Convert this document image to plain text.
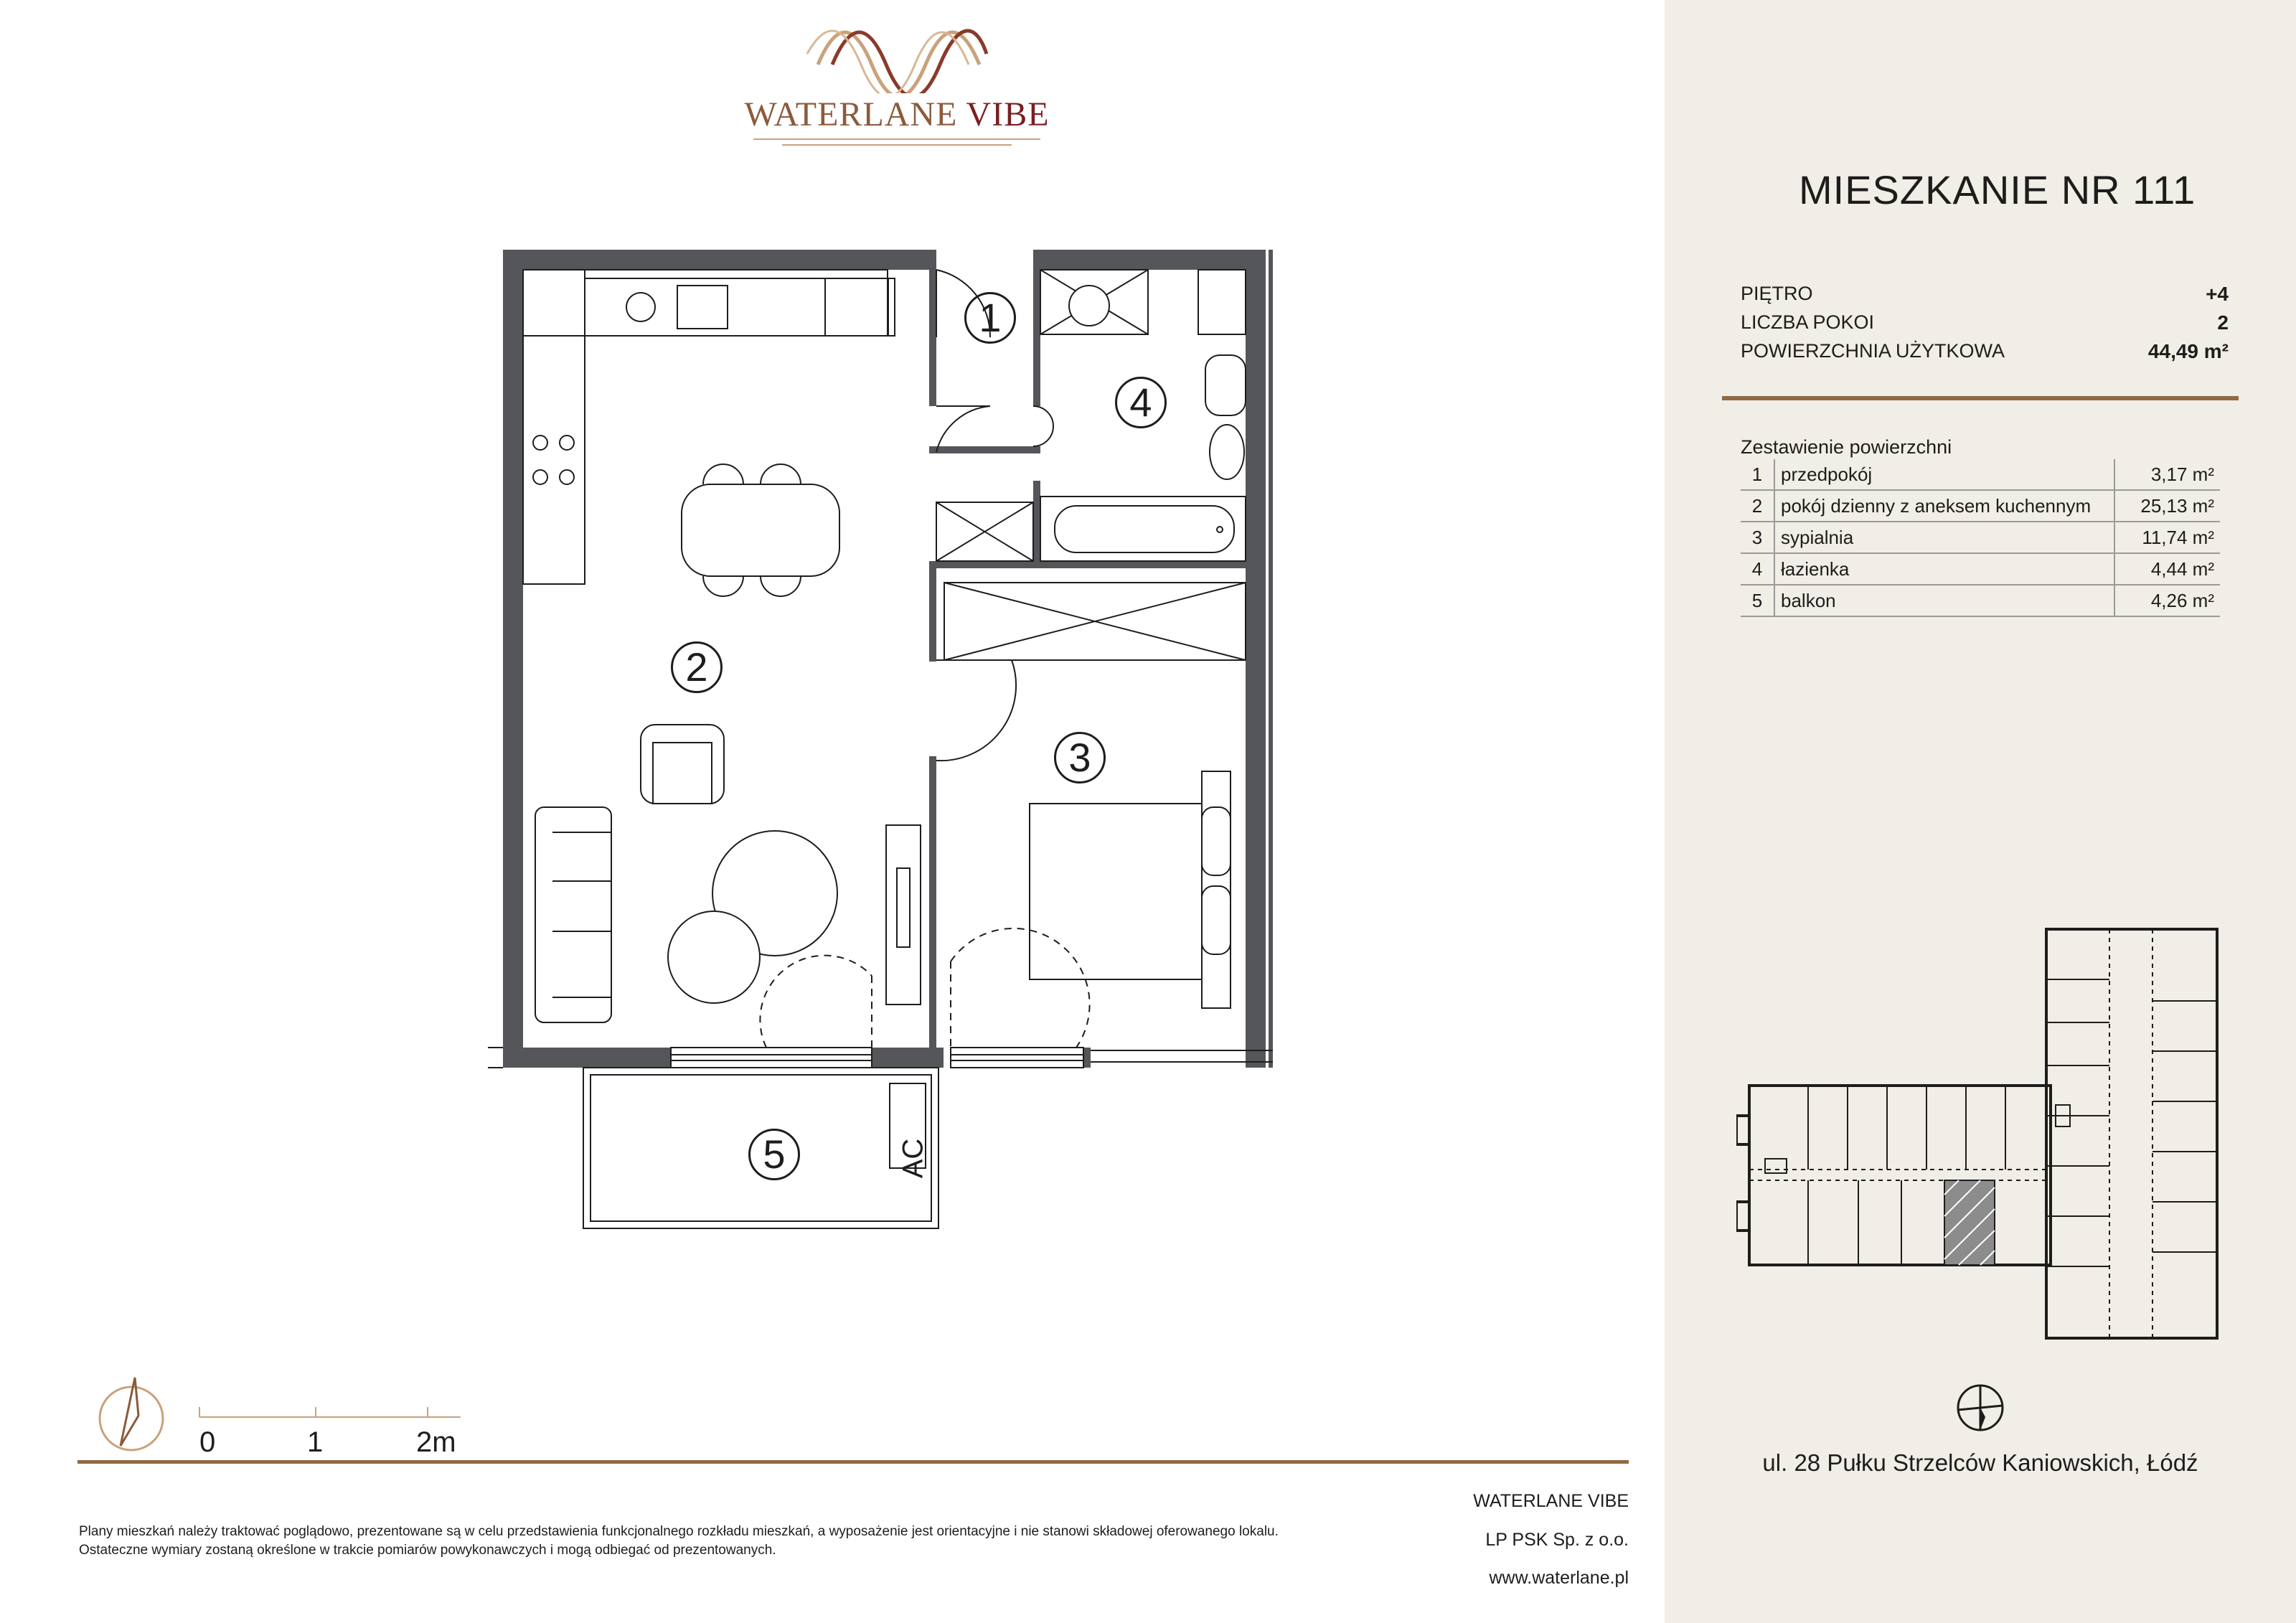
WATERLANE VIBE
1
2
3
4
5	AC
0	1	2m
Plany mieszkań należy traktować poglądowo, prezentowane są w celu przedstawienia funkcjonalnego rozkładu mieszkań, a wyposażenie jest orientacyjne i nie stanowi składowej oferowanego lokalu.
Ostateczne wymiary zostaną określone w trakcie pomiarów powykonawczych i mogą odbiegać od prezentowanych.
WATERLANE VIBE
LP PSK Sp. z o.o.
www.waterlane.pl
MIESZKANIE NR 111
PIĘTRO	+4
LICZBA POKOI	2
POWIERZCHNIA UŻYTKOWA	44,49 m²
Zestawienie powierzchni
1	przedpokój	3,17 m²
2	pokój dzienny z aneksem kuchennym	25,13 m²
3	sypialnia	11,74 m²
4	łazienka	4,44 m²
5	balkon	4,26 m²
ul. 28 Pułku Strzelców Kaniowskich, Łódź
